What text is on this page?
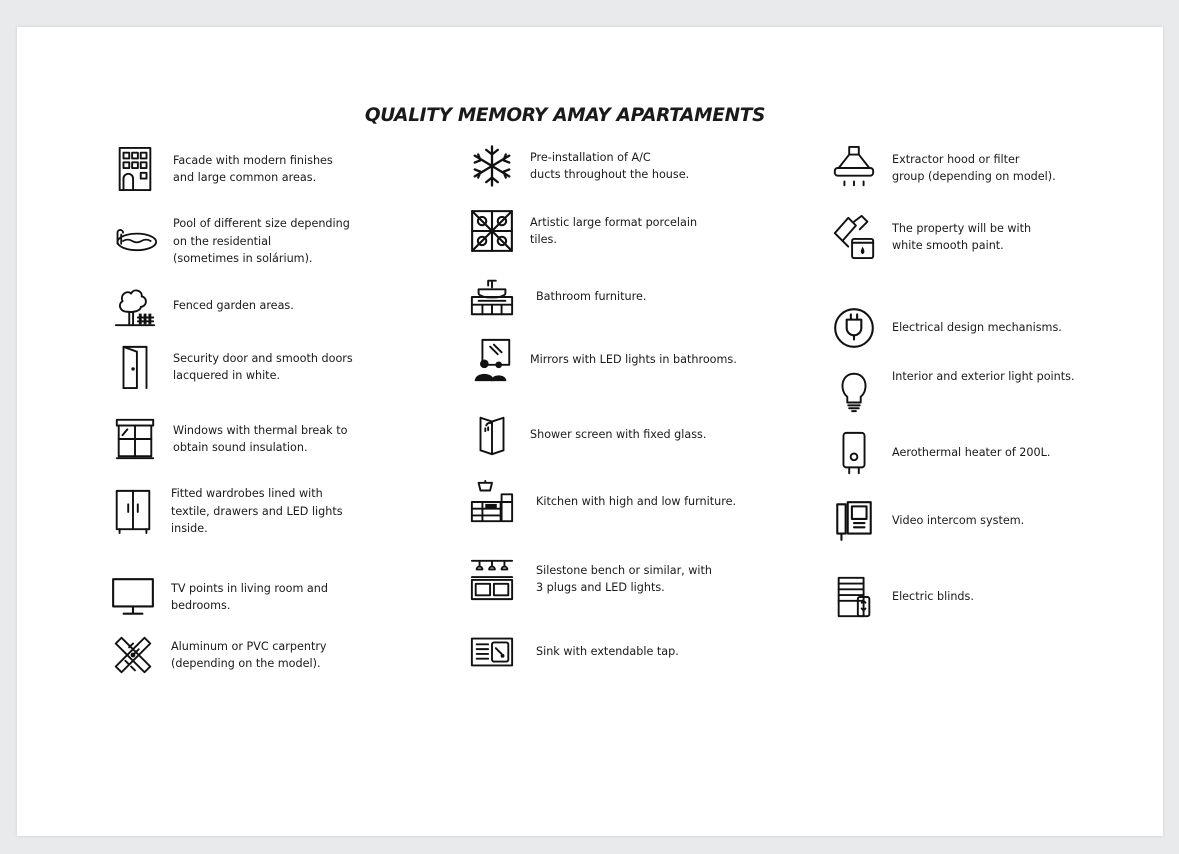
QUALITY MEMORY AMAY APARTAMENTS
Facade with modern finishes
and large common areas.
Pool of different size depending
on the residential
(sometimes in solárium).
Fenced garden areas.
Security door and smooth doors
lacquered in white.
Windows with thermal break to
obtain sound insulation.
Fitted wardrobes lined with
textile, drawers and LED lights
inside.
TV points in living room and
bedrooms.
Aluminum or PVC carpentry
(depending on the model).
Pre-installation of A/C
ducts throughout the house.
Artistic large format porcelain
tiles.
Bathroom furniture.
Mirrors with LED lights in bathrooms.
Shower screen with fixed glass.
Kitchen with high and low furniture.
Silestone bench or similar, with
3 plugs and LED lights.
Sink with extendable tap.
Extractor hood or filter
group (depending on model).
The property will be with
white smooth paint.
Electrical design mechanisms.
Interior and exterior light points.
Aerothermal heater of 200L.
Video intercom system.
Electric blinds.
